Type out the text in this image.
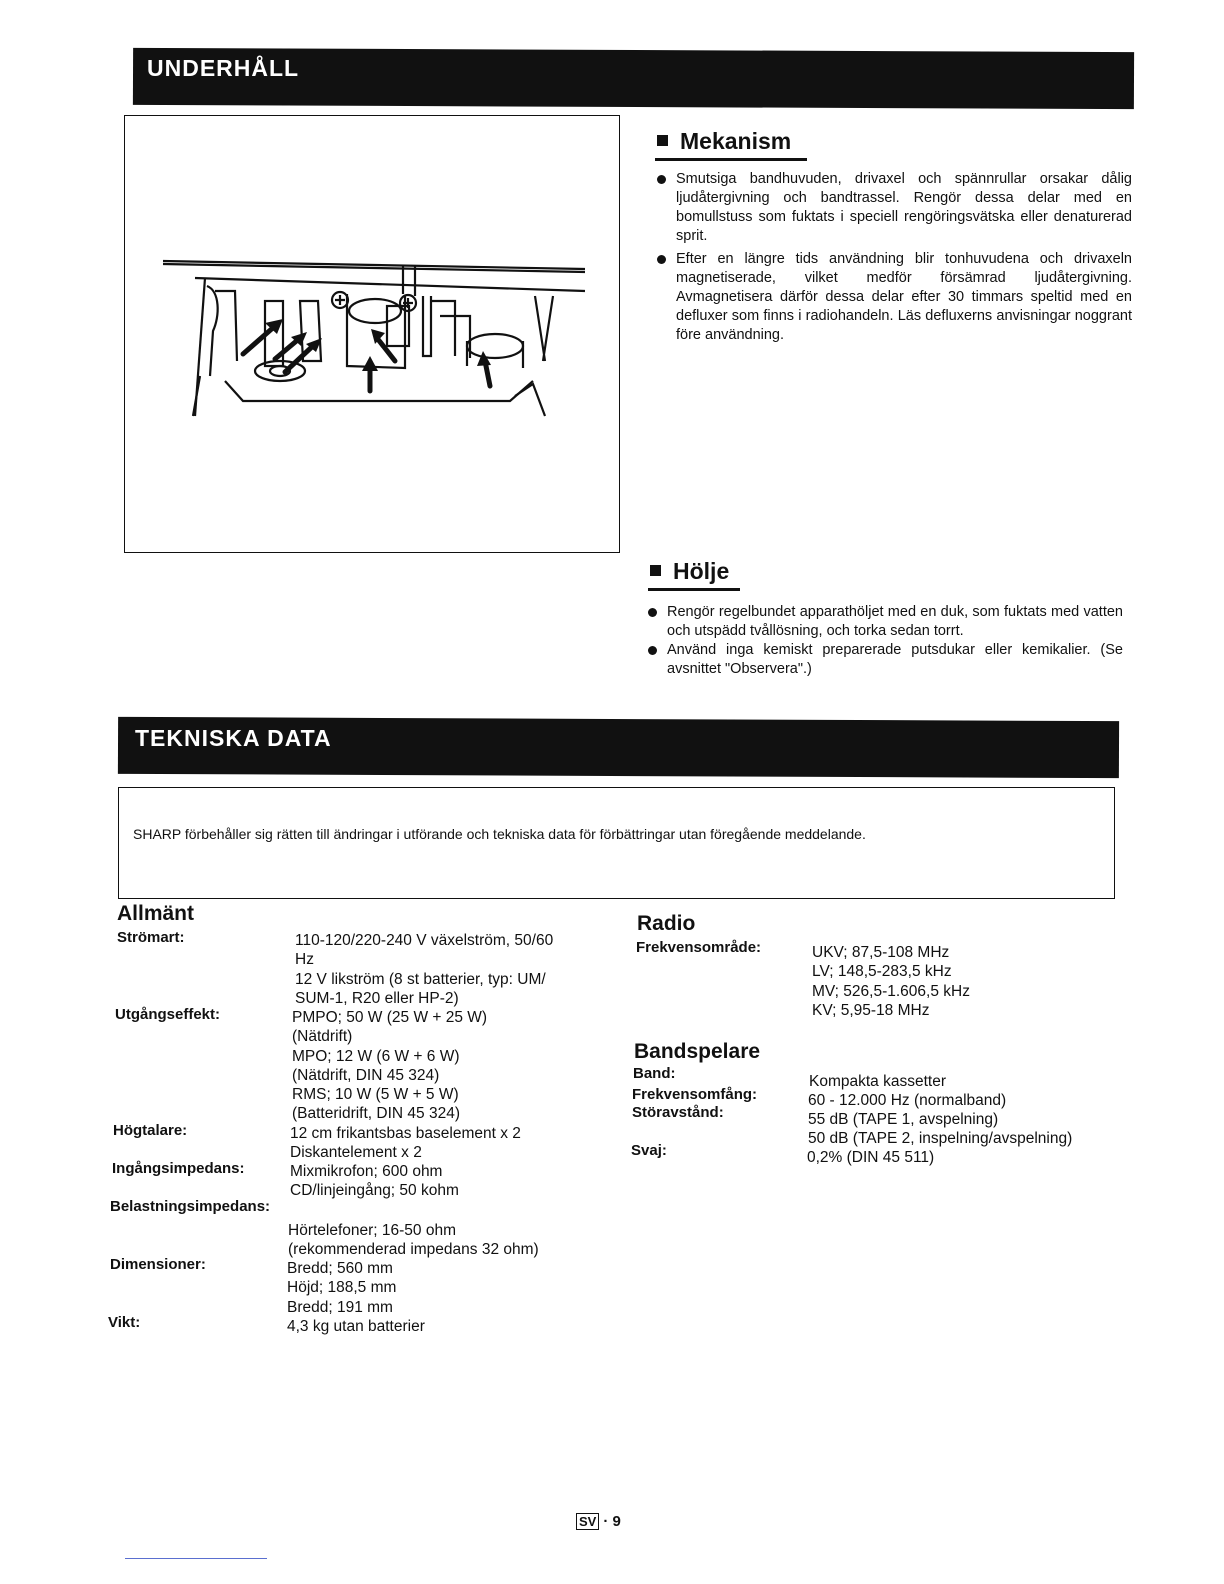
UNDERHÅLL
Mekanism
Smutsiga bandhuvuden, drivaxel och spännrullar orsakar dålig ljudåtergivning och bandtrassel. Rengör dessa delar med en bomullstuss som fuktats i speciell rengöringsvätska eller denaturerad sprit.
Efter en längre tids användning blir tonhuvudena och drivaxeln magnetiserade, vilket medför försämrad ljudåtergivning. Avmagnetisera därför dessa delar efter 30 timmars speltid med en defluxer som finns i radiohandeln. Läs defluxerns anvisningar noggrant före användning.
Hölje
Rengör regelbundet apparathöljet med en duk, som fuktats med vatten och utspädd tvållösning, och torka sedan torrt.
Använd inga kemiskt preparerade putsdukar eller kemikalier. (Se avsnittet "Observera".)
TEKNISKA DATA
SHARP förbehåller sig rätten till ändringar i utförande och tekniska data för förbättringar utan föregående meddelande.
Allmänt
Strömart:	110-120/220-240 V växelström, 50/60
Hz
12 V likström (8 st batterier, typ: UM/
SUM-1, R20 eller HP-2)
Utgångseffekt:	PMPO; 50 W (25 W + 25 W)
(Nätdrift)
MPO; 12 W (6 W + 6 W)
(Nätdrift, DIN 45 324)
RMS; 10 W (5 W + 5 W)
(Batteridrift, DIN 45 324)
Högtalare:	12 cm frikantsbas baselement x 2
Diskantelement x 2
Ingångsimpedans:	Mixmikrofon; 600 ohm
CD/linjeingång; 50 kohm
Belastningsimpedans:
Hörtelefoner; 16-50 ohm
(rekommenderad impedans 32 ohm)
Dimensioner:	Bredd; 560 mm
Höjd; 188,5 mm
Bredd; 191 mm
Vikt:	4,3 kg utan batterier
Radio
Frekvensområde:	UKV; 87,5-108 MHz
LV; 148,5-283,5 kHz
MV; 526,5-1.606,5 kHz
KV; 5,95-18 MHz
Bandspelare
Band:	Kompakta kassetter
Frekvensomfång:	60 - 12.000 Hz (normalband)
Störavstånd:	55 dB (TAPE 1, avspelning)
50 dB (TAPE 2, inspelning/avspelning)
Svaj:	0,2% (DIN 45 511)
SV · 9
